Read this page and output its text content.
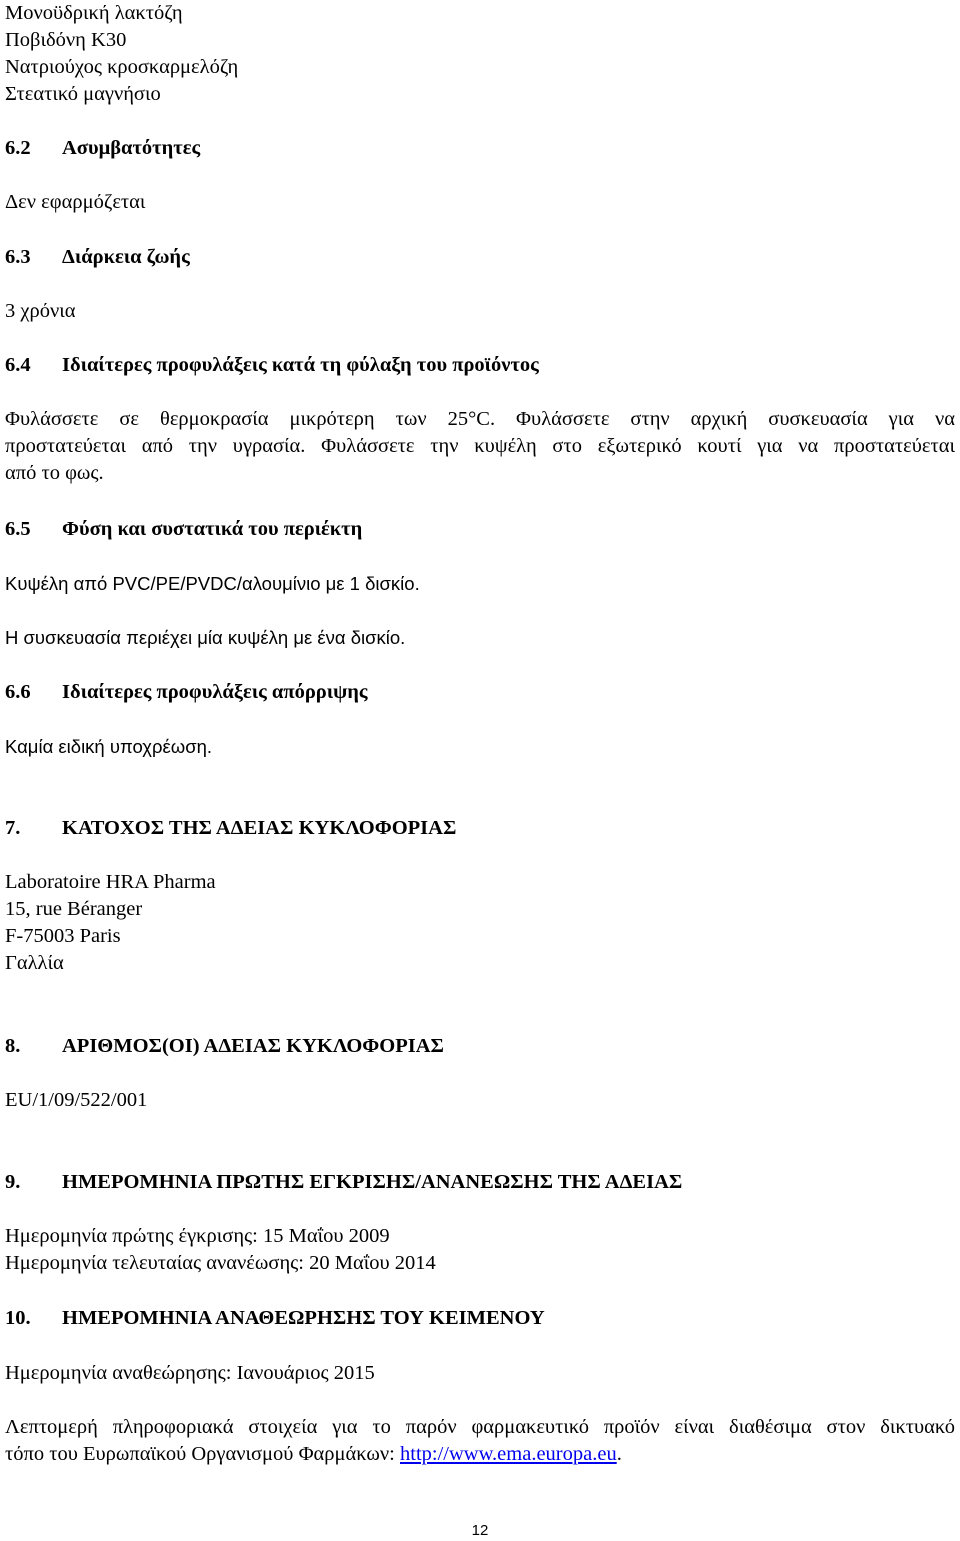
Μονοϋδρική λακτόζη
Ποβιδόνη Κ30
Νατριούχος κροσκαρμελόζη
Στεατικό μαγνήσιο
6.2 Ασυμβατότητες
Δεν εφαρμόζεται
6.3 Διάρκεια ζωής
3 χρόνια
6.4 Ιδιαίτερες προφυλάξεις κατά τη φύλαξη του προϊόντος
Φυλάσσετε σε θερμοκρασία μικρότερη των 25°C. Φυλάσσετε στην αρχική συσκευασία για να
προστατεύεται από την υγρασία. Φυλάσσετε την κυψέλη στο εξωτερικό κουτί για να προστατεύεται
από το φως.
6.5 Φύση και συστατικά του περιέκτη
Κυψέλη από PVC/PE/PVDC/αλουμίνιο με 1 δισκίο.
Η συσκευασία περιέχει μία κυψέλη με ένα δισκίο.
6.6 Ιδιαίτερες προφυλάξεις απόρριψης
Καμία ειδική υποχρέωση.
7. ΚΑΤΟΧΟΣ ΤΗΣ ΑΔΕΙΑΣ ΚΥΚΛΟΦΟΡΙΑΣ
Laboratoire HRA Pharma
15, rue Béranger
F-75003 Paris
Γαλλία
8. ΑΡΙΘΜΟΣ(ΟΙ) ΑΔΕΙΑΣ ΚΥΚΛΟΦΟΡΙΑΣ
EU/1/09/522/001
9. ΗΜΕΡΟΜΗΝΙΑ ΠΡΩΤΗΣ ΕΓΚΡΙΣΗΣ/ΑΝΑΝΕΩΣΗΣ ΤΗΣ ΑΔΕΙΑΣ
Ημερομηνία πρώτης έγκρισης: 15 Μαΐου 2009
Ημερομηνία τελευταίας ανανέωσης: 20 Μαΐου 2014
10. ΗΜΕΡΟΜΗΝΙΑ ΑΝΑΘΕΩΡΗΣΗΣ ΤΟΥ ΚΕΙΜΕΝΟΥ
Ημερομηνία αναθεώρησης: Ιανουάριος 2015
Λεπτομερή πληροφοριακά στοιχεία για το παρόν φαρμακευτικό προϊόν είναι διαθέσιμα στον δικτυακό
τόπο του Ευρωπαϊκού Οργανισμού Φαρμάκων: http://www.ema.europa.eu.
12
